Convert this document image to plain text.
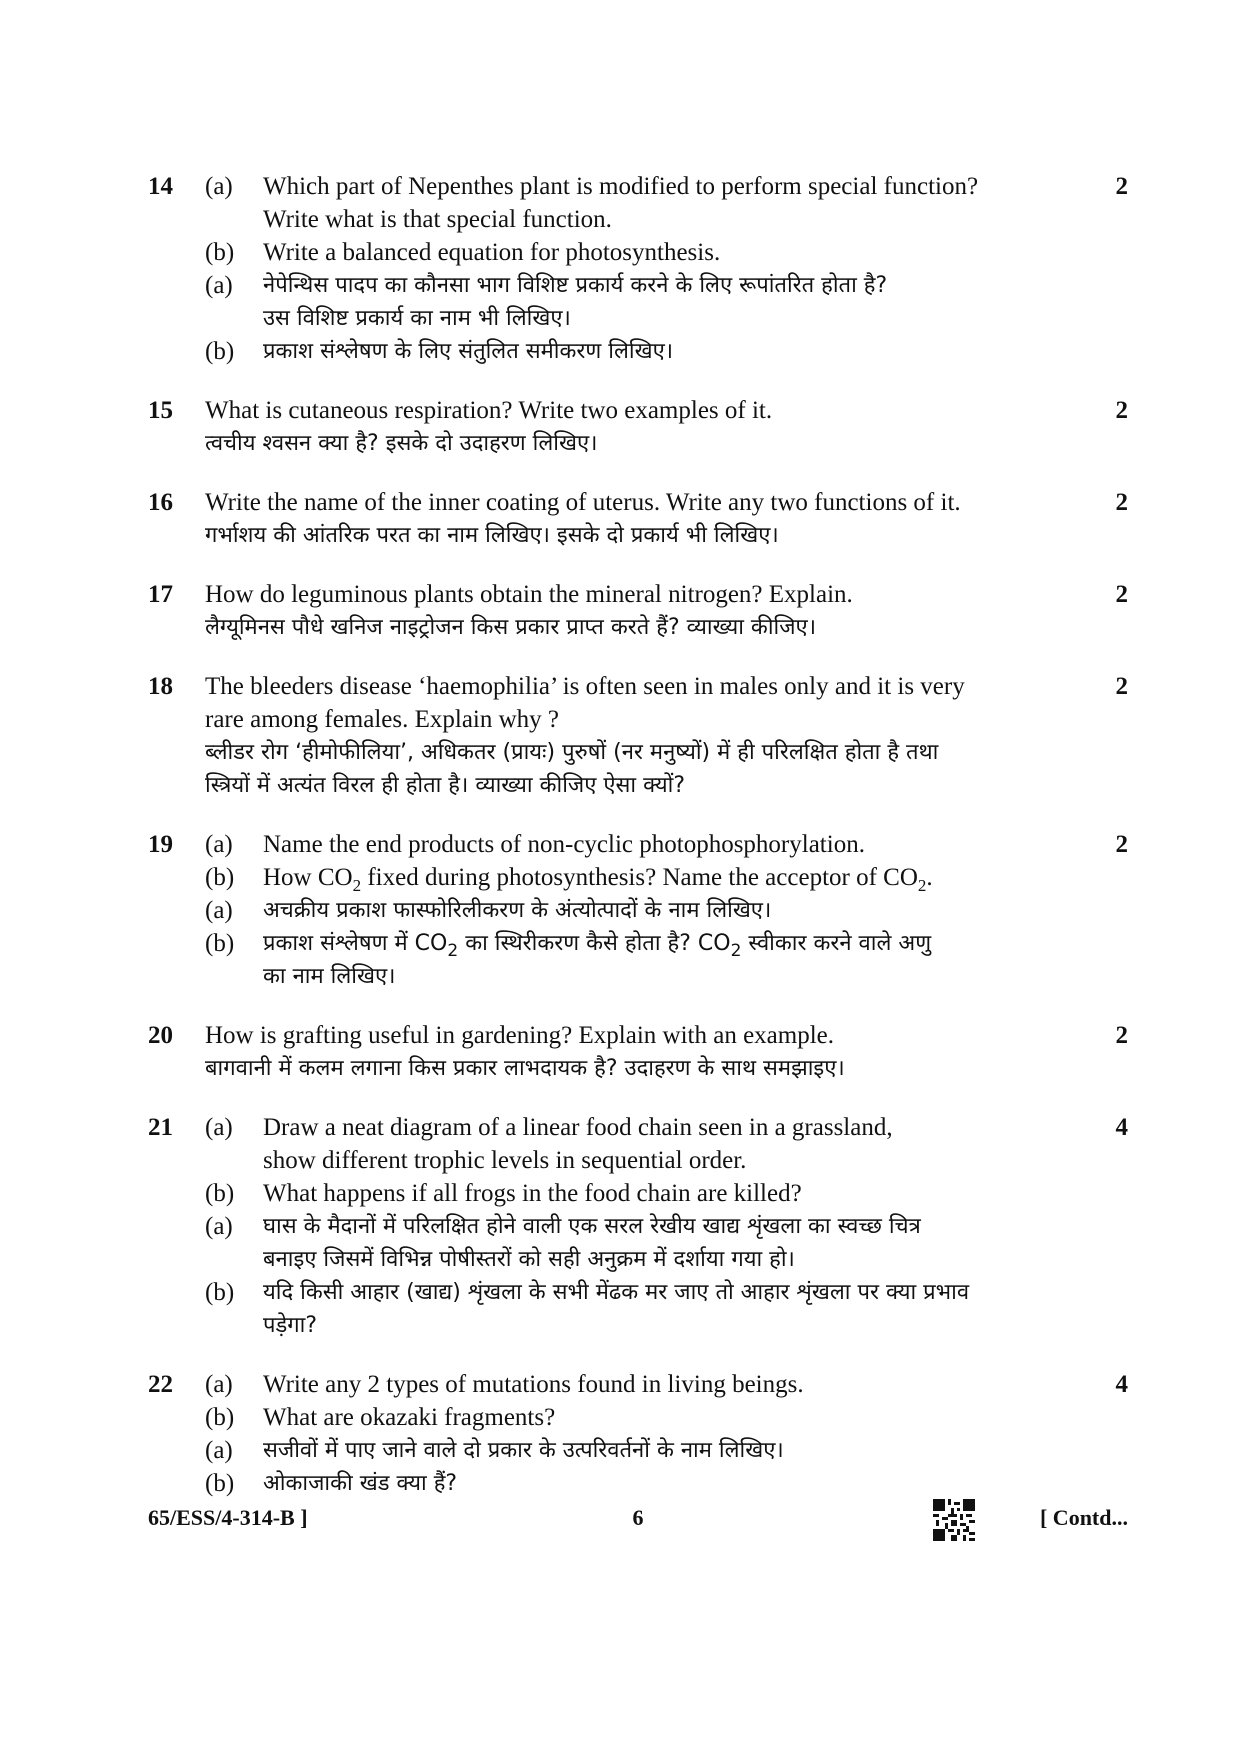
14	2
(a)	Which part of Nepenthes plant is modified to perform special function?
Write what is that special function.
(b)	Write a balanced equation for photosynthesis.
(a)	नेपेन्थिस पादप का कौनसा भाग विशिष्ट प्रकार्य करने के लिए रूपांतरित होता है?
उस विशिष्ट प्रकार्य का नाम भी लिखिए।
(b)	प्रकाश संश्लेषण के लिए संतुलित समीकरण लिखिए।
15	2
What is cutaneous respiration? Write two examples of it.
त्वचीय श्वसन क्या है? इसके दो उदाहरण लिखिए।
16	2
Write the name of the inner coating of uterus. Write any two functions of it.
गर्भाशय की आंतरिक परत का नाम लिखिए। इसके दो प्रकार्य भी लिखिए।
17	2
How do leguminous plants obtain the mineral nitrogen? Explain.
लैग्यूमिनस पौधे खनिज नाइट्रोजन किस प्रकार प्राप्त करते हैं? व्याख्या कीजिए।
18	2
The bleeders disease ‘haemophilia’ is often seen in males only and it is very
rare among females. Explain why ?
ब्लीडर रोग ‘हीमोफीलिया’, अधिकतर (प्रायः) पुरुषों (नर मनुष्यों) में ही परिलक्षित होता है तथा
स्त्रियों में अत्यंत विरल ही होता है। व्याख्या कीजिए ऐसा क्यों?
19	2
(a)	Name the end products of non-cyclic photophosphorylation.
(b)	How $CO_2$ fixed during photosynthesis? Name the acceptor of $CO_2$.
(a)	अचक्रीय प्रकाश फास्फोरिलीकरण के अंत्योत्पादों के नाम लिखिए।
(b)	प्रकाश संश्लेषण में $CO_2$ का स्थिरीकरण कैसे होता है? $CO_2$ स्वीकार करने वाले अणु
का नाम लिखिए।
20	2
How is grafting useful in gardening? Explain with an example.
बागवानी में कलम लगाना किस प्रकार लाभदायक है? उदाहरण के साथ समझाइए।
21	4
(a)	Draw a neat diagram of a linear food chain seen in a grassland,
show different trophic levels in sequential order.
(b)	What happens if all frogs in the food chain are killed?
(a)	घास के मैदानों में परिलक्षित होने वाली एक सरल रेखीय खाद्य शृंखला का स्वच्छ चित्र
बनाइए जिसमें विभिन्न पोषीस्तरों को सही अनुक्रम में दर्शाया गया हो।
(b)	यदि किसी आहार (खाद्य) शृंखला के सभी मेंढक मर जाए तो आहार शृंखला पर क्या प्रभाव
पड़ेगा?
22	4
(a)	Write any 2 types of mutations found in living beings.
(b)	What are okazaki fragments?
(a)	सजीवों में पाए जाने वाले दो प्रकार के उत्परिवर्तनों के नाम लिखिए।
(b)	ओकाजाकी खंड क्या हैं?
65/ESS/4-314-B ]	6	[ Contd...
